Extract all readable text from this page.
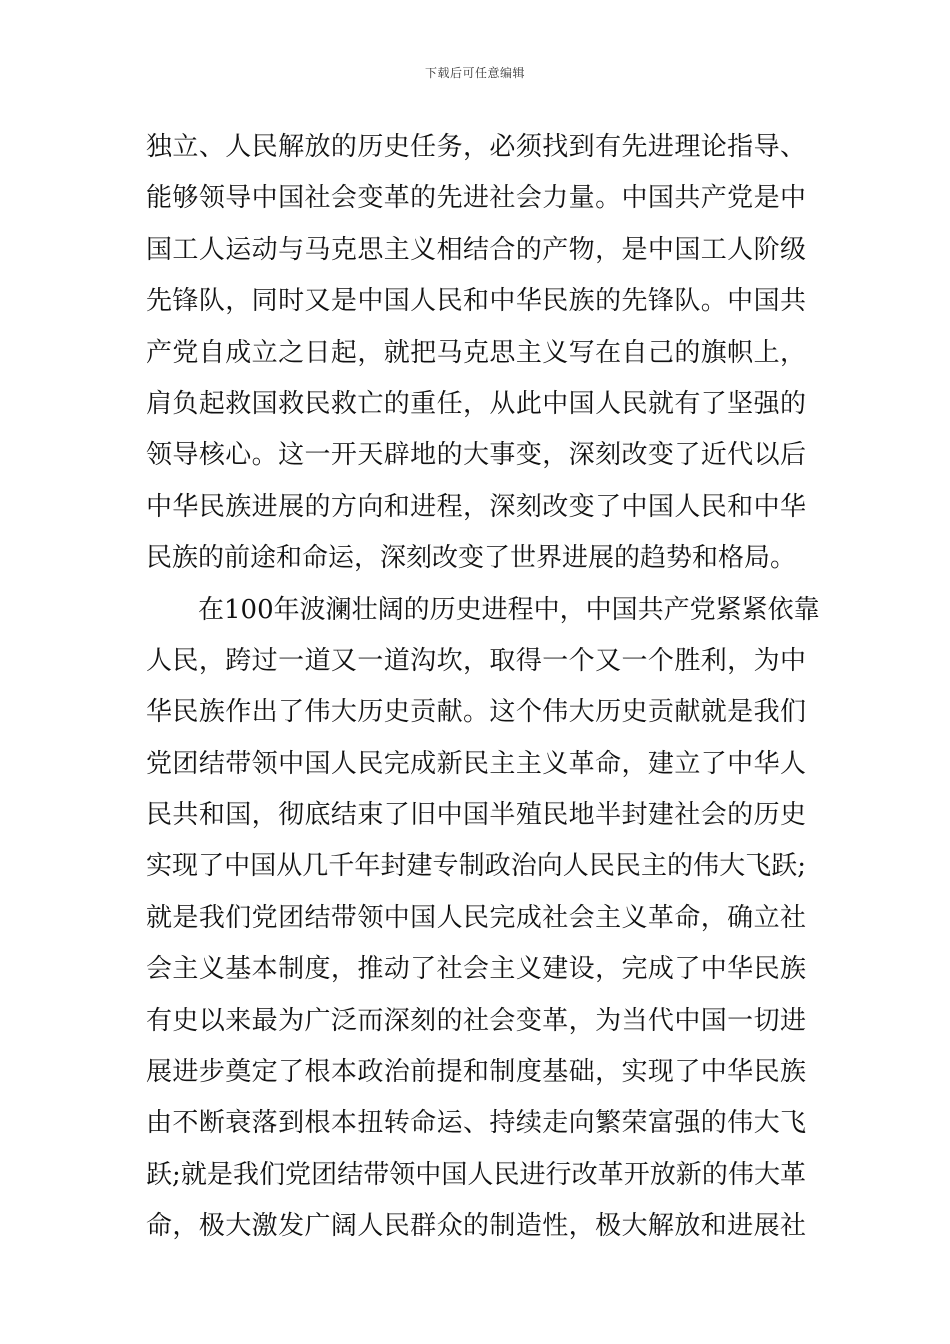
下载后可任意编辑
独立、人民解放的历史任务，必须找到有先进理论指导、
能够领导中国社会变革的先进社会力量。中国共产党是中
国工人运动与马克思主义相结合的产物，是中国工人阶级
先锋队，同时又是中国人民和中华民族的先锋队。中国共
产党自成立之日起，就把马克思主义写在自己的旗帜上，
肩负起救国救民救亡的重任，从此中国人民就有了坚强的
领导核心。这一开天辟地的大事变，深刻改变了近代以后
中华民族进展的方向和进程，深刻改变了中国人民和中华
民族的前途和命运，深刻改变了世界进展的趋势和格局。
在100年波澜壮阔的历史进程中，中国共产党紧紧依靠
人民，跨过一道又一道沟坎，取得一个又一个胜利，为中
华民族作出了伟大历史贡献。这个伟大历史贡献就是我们
党团结带领中国人民完成新民主主义革命，建立了中华人
民共和国，彻底结束了旧中国半殖民地半封建社会的历史
实现了中国从几千年封建专制政治向人民民主的伟大飞跃;
就是我们党团结带领中国人民完成社会主义革命，确立社
会主义基本制度，推动了社会主义建设，完成了中华民族
有史以来最为广泛而深刻的社会变革，为当代中国一切进
展进步奠定了根本政治前提和制度基础，实现了中华民族
由不断衰落到根本扭转命运、持续走向繁荣富强的伟大飞
跃;就是我们党团结带领中国人民进行改革开放新的伟大革
命，极大激发广阔人民群众的制造性，极大解放和进展社
